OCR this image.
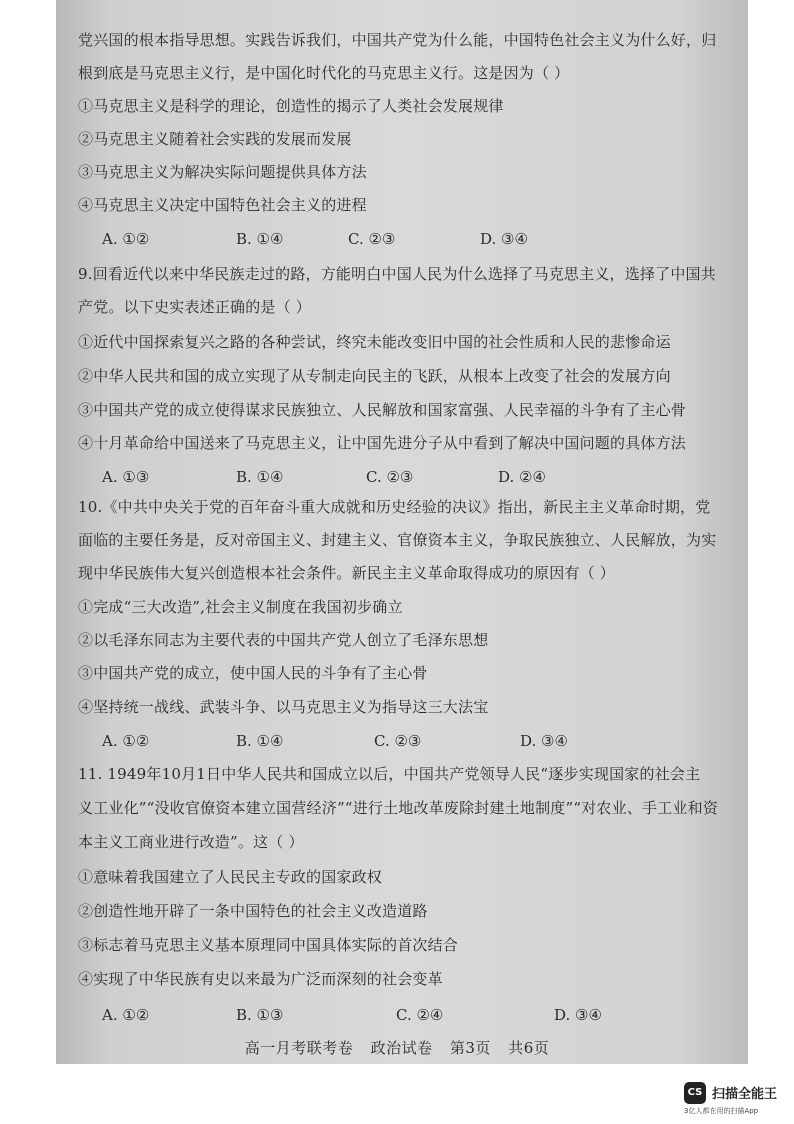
党兴国的根本指导思想。实践告诉我们，中国共产党为什么能，中国特色社会主义为什么好，归
根到底是马克思主义行，是中国化时代化的马克思主义行。这是因为（ ）
①马克思主义是科学的理论，创造性的揭示了人类社会发展规律
②马克思主义随着社会实践的发展而发展
③马克思主义为解决实际问题提供具体方法
④马克思主义决定中国特色社会主义的进程
A. ①②	B. ①④	C. ②③	D. ③④
9.回看近代以来中华民族走过的路，方能明白中国人民为什么选择了马克思主义，选择了中国共
产党。以下史实表述正确的是（ ）
①近代中国探索复兴之路的各种尝试，终究未能改变旧中国的社会性质和人民的悲惨命运
②中华人民共和国的成立实现了从专制走向民主的飞跃，从根本上改变了社会的发展方向
③中国共产党的成立使得谋求民族独立、人民解放和国家富强、人民幸福的斗争有了主心骨
④十月革命给中国送来了马克思主义，让中国先进分子从中看到了解决中国问题的具体方法
A. ①③	B. ①④	C. ②③	D. ②④
10.《中共中央关于党的百年奋斗重大成就和历史经验的决议》指出，新民主主义革命时期，党
面临的主要任务是，反对帝国主义、封建主义、官僚资本主义，争取民族独立、人民解放，为实
现中华民族伟大复兴创造根本社会条件。新民主主义革命取得成功的原因有（ ）
①完成“三大改造”,社会主义制度在我国初步确立
②以毛泽东同志为主要代表的中国共产党人创立了毛泽东思想
③中国共产党的成立，使中国人民的斗争有了主心骨
④坚持统一战线、武装斗争、以马克思主义为指导这三大法宝
A. ①②	B. ①④	C. ②③	D. ③④
11. 1949年10月1日中华人民共和国成立以后，中国共产党领导人民“逐步实现国家的社会主
义工业化”“没收官僚资本建立国营经济”“进行土地改革废除封建土地制度”“对农业、手工业和资
本主义工商业进行改造”。这（ ）
①意味着我国建立了人民民主专政的国家政权
②创造性地开辟了一条中国特色的社会主义改造道路
③标志着马克思主义基本原理同中国具体实际的首次结合
④实现了中华民族有史以来最为广泛而深刻的社会变革
A. ①②	B. ①③	C. ②④	D. ③④
高一月考联考卷 政治试卷 第3页 共6页
CS 扫描全能王
3亿人都在用的扫描App
